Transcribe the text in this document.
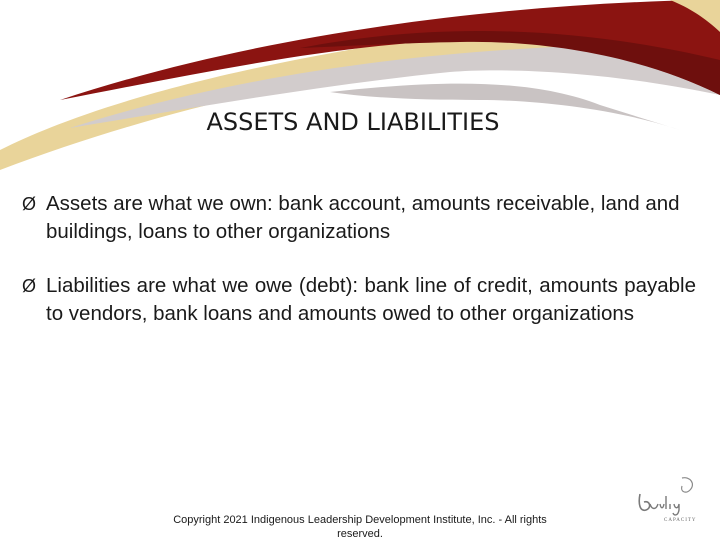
ASSETS AND LIABILITIES
Ø Assets are what we own: bank account, amounts receivable, land and buildings, loans to other organizations
Ø Liabilities are what we owe (debt): bank line of credit, amounts payable to vendors, bank loans and amounts owed to other organizations
Copyright 2021 Indigenous Leadership Development Institute, Inc. - All rights reserved.
CAPACITY
